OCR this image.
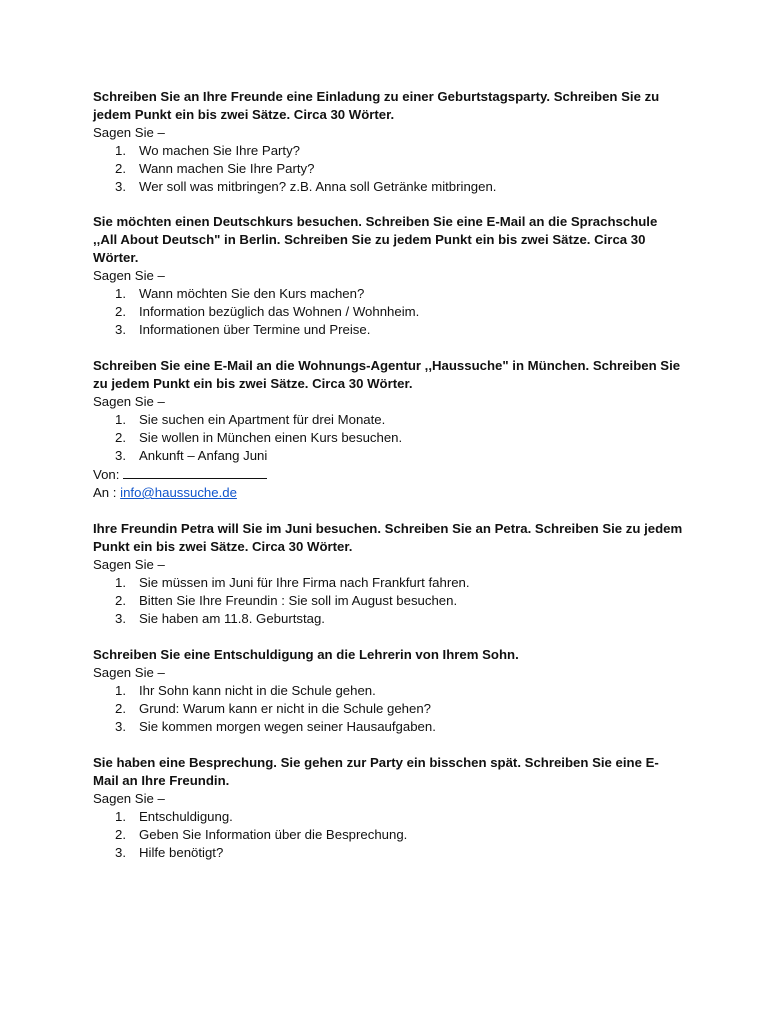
Schreiben Sie an Ihre Freunde eine Einladung zu einer Geburtstagsparty. Schreiben Sie zu jedem Punkt ein bis zwei Sätze. Circa 30 Wörter.

Sagen Sie –

1. Wo machen Sie Ihre Party?
2. Wann machen Sie Ihre Party?
3. Wer soll was mitbringen? z.B. Anna soll Getränke mitbringen.

Sie möchten einen Deutschkurs besuchen. Schreiben Sie eine E-Mail an die Sprachschule ,,All About Deutsch" in Berlin. Schreiben Sie zu jedem Punkt ein bis zwei Sätze. Circa 30 Wörter.

Sagen Sie –

1. Wann möchten Sie den Kurs machen?
2. Information bezüglich das Wohnen / Wohnheim.
3. Informationen über Termine und Preise.

Schreiben Sie eine E-Mail an die Wohnungs-Agentur ,,Haussuche" in München. Schreiben Sie zu jedem Punkt ein bis zwei Sätze. Circa 30 Wörter.

Sagen Sie –

1. Sie suchen ein Apartment für drei Monate.
2. Sie wollen in München einen Kurs besuchen.
3. Ankunft – Anfang Juni

Von:

An : info@haussuche.de

Ihre Freundin Petra will Sie im Juni besuchen. Schreiben Sie an Petra. Schreiben Sie zu jedem Punkt ein bis zwei Sätze. Circa 30 Wörter.

Sagen Sie –

1. Sie müssen im Juni für Ihre Firma nach Frankfurt fahren.
2. Bitten Sie Ihre Freundin : Sie soll im August besuchen.
3. Sie haben am 11.8. Geburtstag.

Schreiben Sie eine Entschuldigung an die Lehrerin von Ihrem Sohn.

Sagen Sie –

1. Ihr Sohn kann nicht in die Schule gehen.
2. Grund: Warum kann er nicht in die Schule gehen?
3. Sie kommen morgen wegen seiner Hausaufgaben.

Sie haben eine Besprechung. Sie gehen zur Party ein bisschen spät. Schreiben Sie eine E-Mail an Ihre Freundin.

Sagen Sie –

1. Entschuldigung.
2. Geben Sie Information über die Besprechung.
3. Hilfe benötigt?
